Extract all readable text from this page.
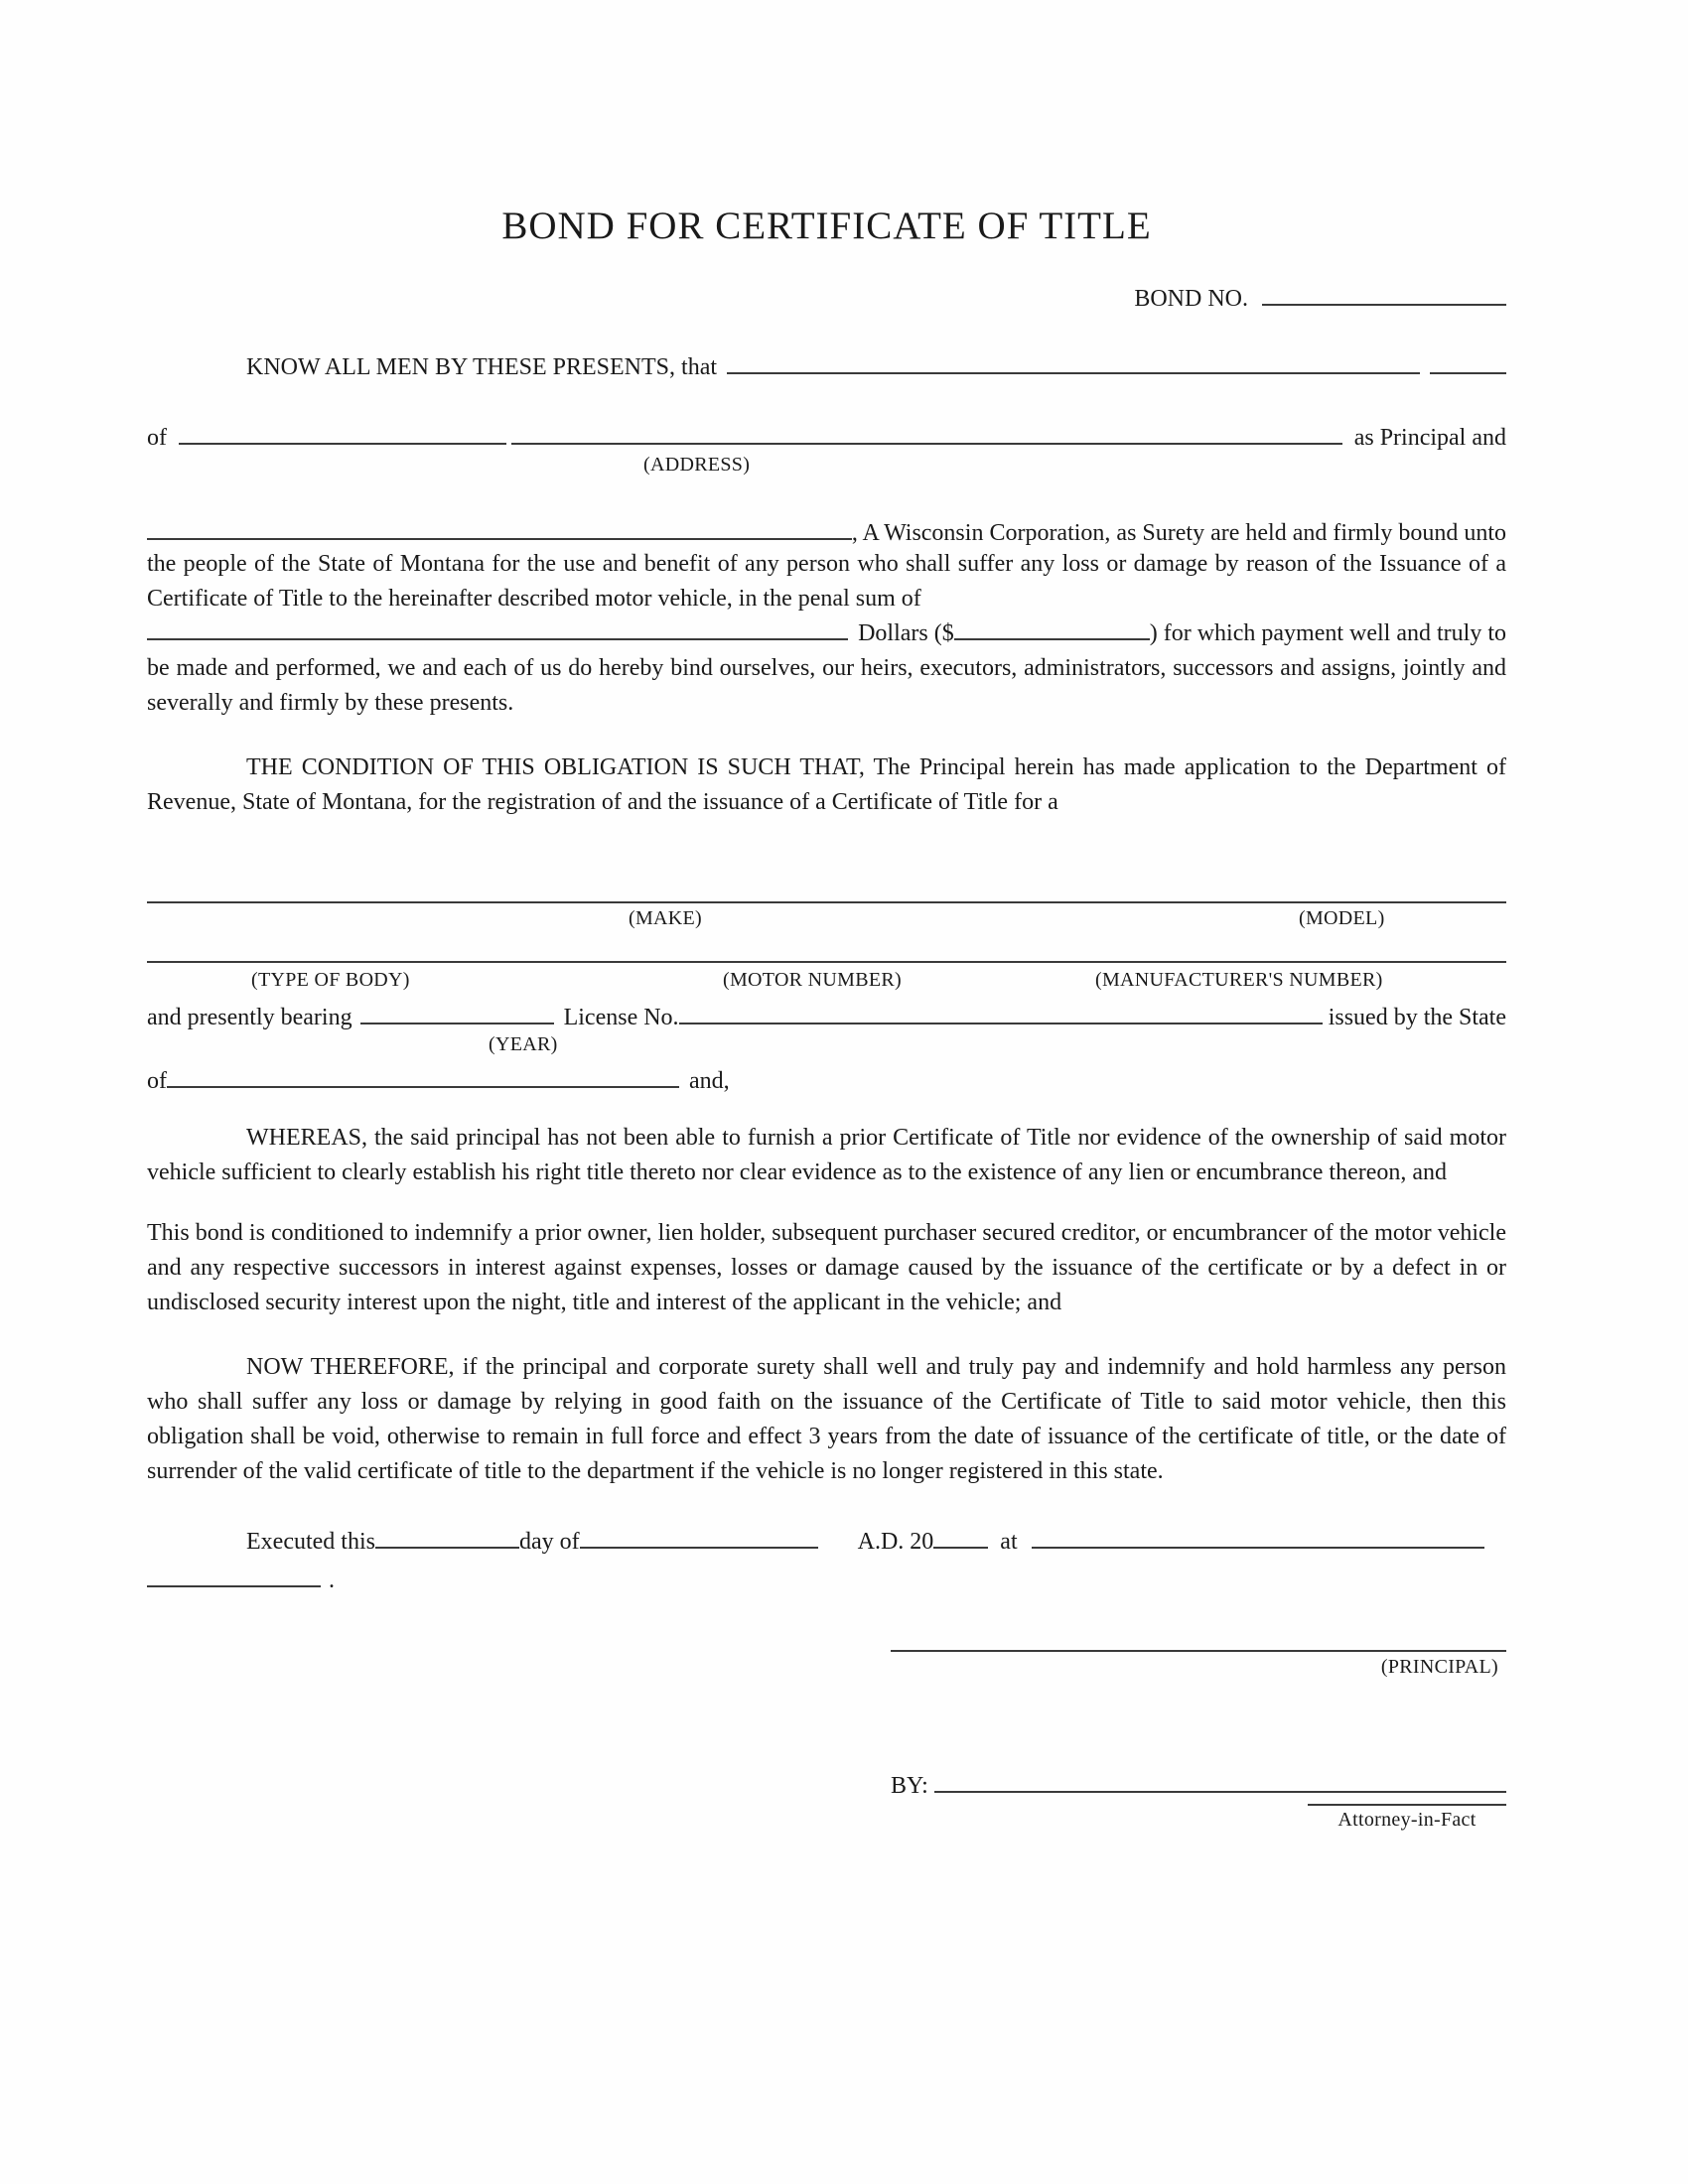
BOND FOR CERTIFICATE OF TITLE
BOND NO.
KNOW ALL MEN BY THESE PRESENTS, that
of	as Principal and
(ADDRESS)
, A Wisconsin Corporation, as Surety are held and firmly bound unto
the people of the State of Montana for the use and benefit of any person who shall suffer any loss or damage by reason of the Issuance of a Certificate of Title to the hereinafter described motor vehicle, in the penal sum of
Dollars ($	) for which payment well and truly to
be made and performed, we and each of us do hereby bind ourselves, our heirs, executors, administrators, successors and assigns, jointly and severally and firmly by these presents.
THE CONDITION OF THIS OBLIGATION IS SUCH THAT, The Principal herein has made application to the Department of Revenue, State of Montana, for the registration of and the issuance of a Certificate of Title for a
(MAKE)	(MODEL)
(TYPE OF BODY)	(MOTOR NUMBER)	(MANUFACTURER'S NUMBER)
and presently bearing	License No.	issued by the State
(YEAR)
of	and,
WHEREAS, the said principal has not been able to furnish a prior Certificate of Title nor evidence of the ownership of said motor vehicle sufficient to clearly establish his right title thereto nor clear evidence as to the existence of any lien or encumbrance thereon, and
This bond is conditioned to indemnify a prior owner, lien holder, subsequent purchaser secured creditor, or encumbrancer of the motor vehicle and any respective successors in interest against expenses, losses or damage caused by the issuance of the certificate or by a defect in or undisclosed security interest upon the night, title and interest of the applicant in the vehicle; and
NOW THEREFORE, if the principal and corporate surety shall well and truly pay and indemnify and hold harmless any person who shall suffer any loss or damage by relying in good faith on the issuance of the Certificate of Title to said motor vehicle, then this obligation shall be void, otherwise to remain in full force and effect 3 years from the date of issuance of the certificate of title, or the date of surrender of the valid certificate of title to the department if the vehicle is no longer registered in this state.
Executed this	day of	A.D. 20	at
.
(PRINCIPAL)
BY:
Attorney-in-Fact
